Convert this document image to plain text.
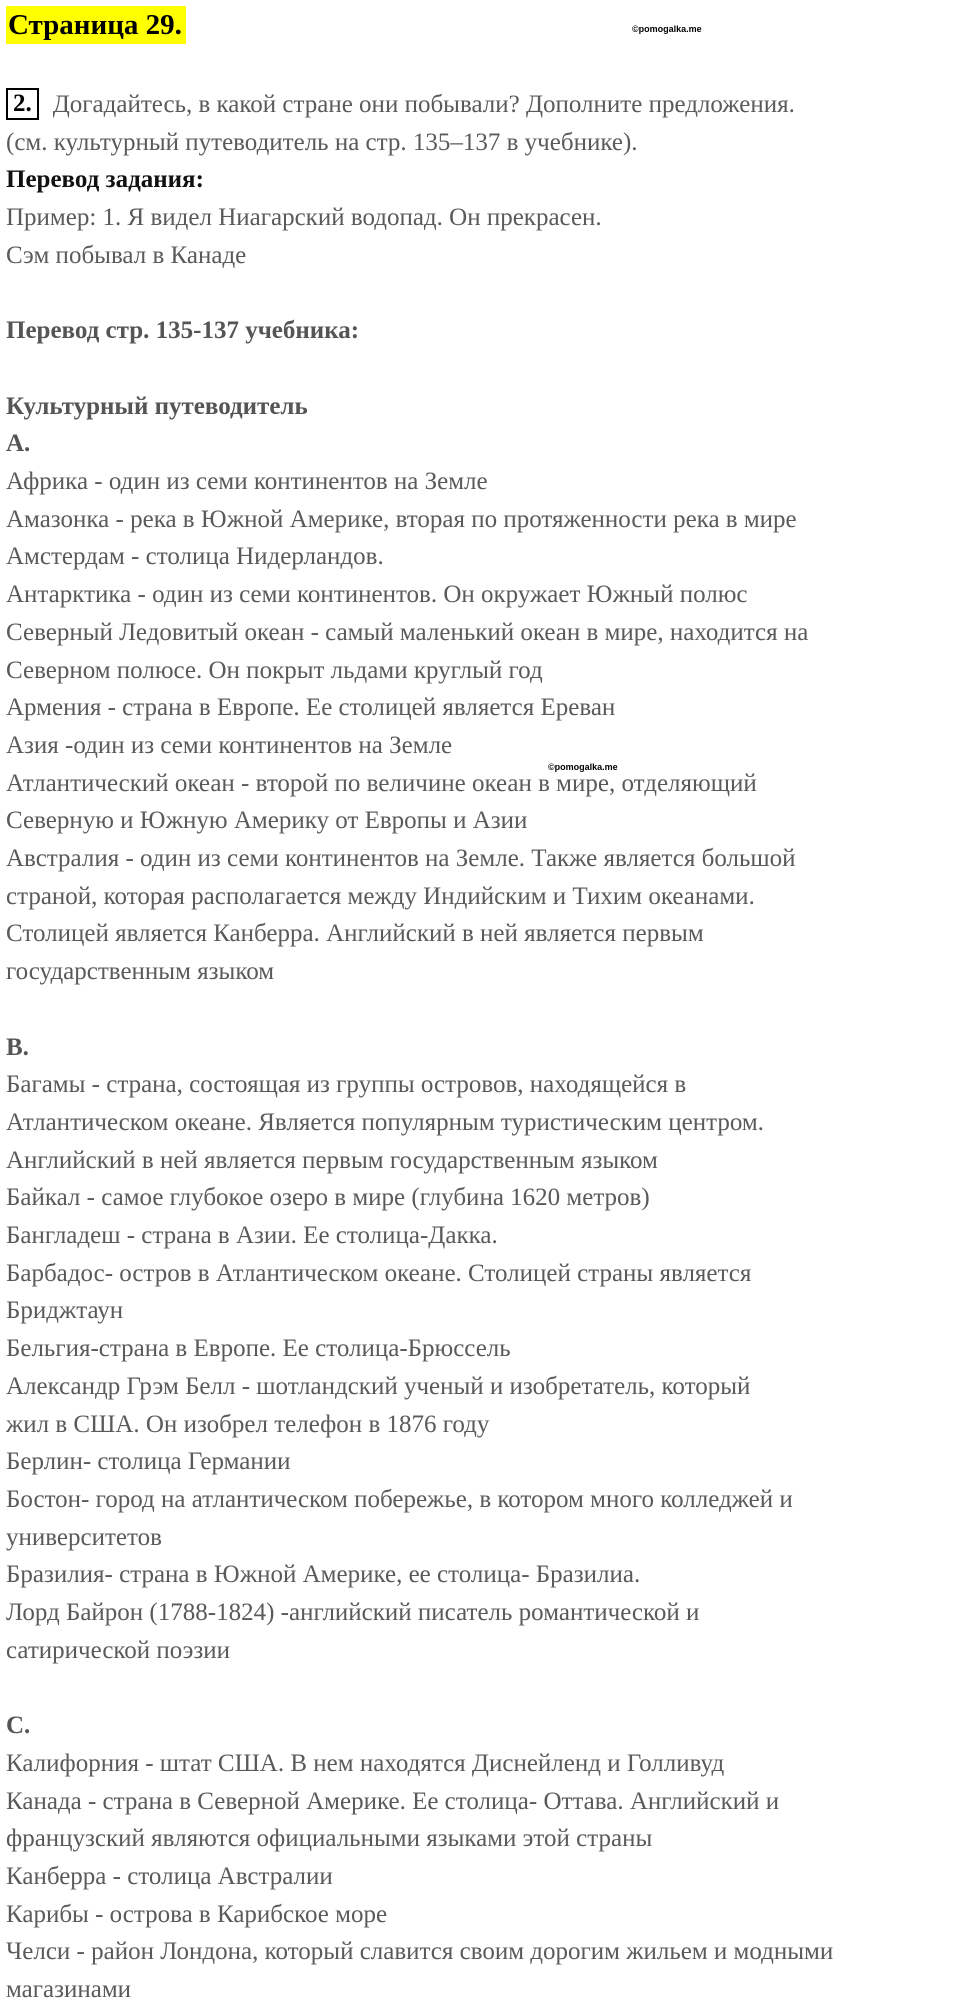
Страница 29.	©pomogalka.me
©pomogalka.me
2. Догадайтесь, в какой стране они побывали? Дополните предложения.
(см. культурный путеводитель на стр. 135–137 в учебнике).
Перевод задания:
Пример: 1. Я видел Ниагарский водопад. Он прекрасен.
Сэм побывал в Канаде
Перевод стр. 135-137 учебника:
Культурный путеводитель
A.
Африка - один из семи континентов на Земле
Амазонка - река в Южной Америке, вторая по протяженности река в мире
Амстердам - столица Нидерландов.
Антарктика - один из семи континентов. Он окружает Южный полюс
Северный Ледовитый океан - самый маленький океан в мире, находится на
Северном полюсе. Он покрыт льдами круглый год
Армения - страна в Европе. Ее столицей является Ереван
Азия -один из семи континентов на Земле
Атлантический океан - второй по величине океан в мире, отделяющий
Северную и Южную Америку от Европы и Азии
Австралия - один из семи континентов на Земле. Также является большой
страной, которая располагается между Индийским и Тихим океанами.
Столицей является Канберра. Английский в ней является первым
государственным языком
B.
Багамы - страна, состоящая из группы островов, находящейся в
Атлантическом океане. Является популярным туристическим центром.
Английский в ней является первым государственным языком
Байкал - самое глубокое озеро в мире (глубина 1620 метров)
Бангладеш - страна в Азии. Ее столица-Дакка.
Барбадос- остров в Атлантическом океане. Столицей страны является
Бриджтаун
Бельгия-страна в Европе. Ее столица-Брюссель
Александр Грэм Белл - шотландский ученый и изобретатель, который
жил в США. Он изобрел телефон в 1876 году
Берлин- столица Германии
Бостон- город на атлантическом побережье, в котором много колледжей и
университетов
Бразилия- страна в Южной Америке, ее столица- Бразилиа.
Лорд Байрон (1788-1824) -английский писатель романтической и
сатирической поэзии
C.
Калифорния - штат США. В нем находятся Диснейленд и Голливуд
Канада - страна в Северной Америке. Ее столица- Оттава. Английский и
французский являются официальными языками этой страны
Канберра - столица Австралии
Карибы - острова в Карибское море
Челси - район Лондона, который славится своим дорогим жильем и модными
магазинами
